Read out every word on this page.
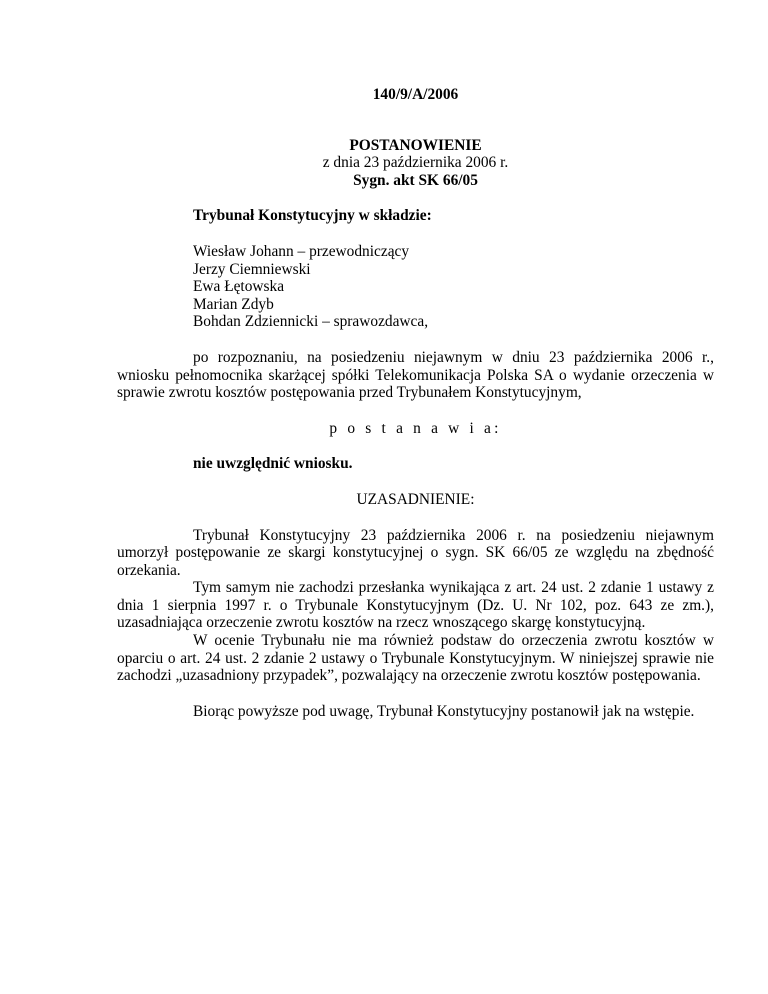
140/9/A/2006

POSTANOWIENIE

z dnia 23 października 2006 r.

Sygn. akt SK 66/05

Trybunał Konstytucyjny w składzie:

Wiesław Johann – przewodniczący
Jerzy Ciemniewski
Ewa Łętowska
Marian Zdyb
Bohdan Zdziennicki – sprawozdawca,

po rozpoznaniu, na posiedzeniu niejawnym w dniu 23 października 2006 r., wniosku pełnomocnika skarżącej spółki Telekomunikacja Polska SA o wydanie orzeczenia w sprawie zwrotu kosztów postępowania przed Trybunałem Konstytucyjnym,

p o s t a n a w i a:

nie uwzględnić wniosku.

UZASADNIENIE:

Trybunał Konstytucyjny 23 października 2006 r. na posiedzeniu niejawnym umorzył postępowanie ze skargi konstytucyjnej o sygn. SK 66/05 ze względu na zbędność orzekania.

Tym samym nie zachodzi przesłanka wynikająca z art. 24 ust. 2 zdanie 1 ustawy z dnia 1 sierpnia 1997 r. o Trybunale Konstytucyjnym (Dz. U. Nr 102, poz. 643 ze zm.), uzasadniająca orzeczenie zwrotu kosztów na rzecz wnoszącego skargę konstytucyjną.

W ocenie Trybunału nie ma również podstaw do orzeczenia zwrotu kosztów w oparciu o art. 24 ust. 2 zdanie 2 ustawy o Trybunale Konstytucyjnym. W niniejszej sprawie nie zachodzi „uzasadniony przypadek”, pozwalający na orzeczenie zwrotu kosztów postępowania.

Biorąc powyższe pod uwagę, Trybunał Konstytucyjny postanowił jak na wstępie.
